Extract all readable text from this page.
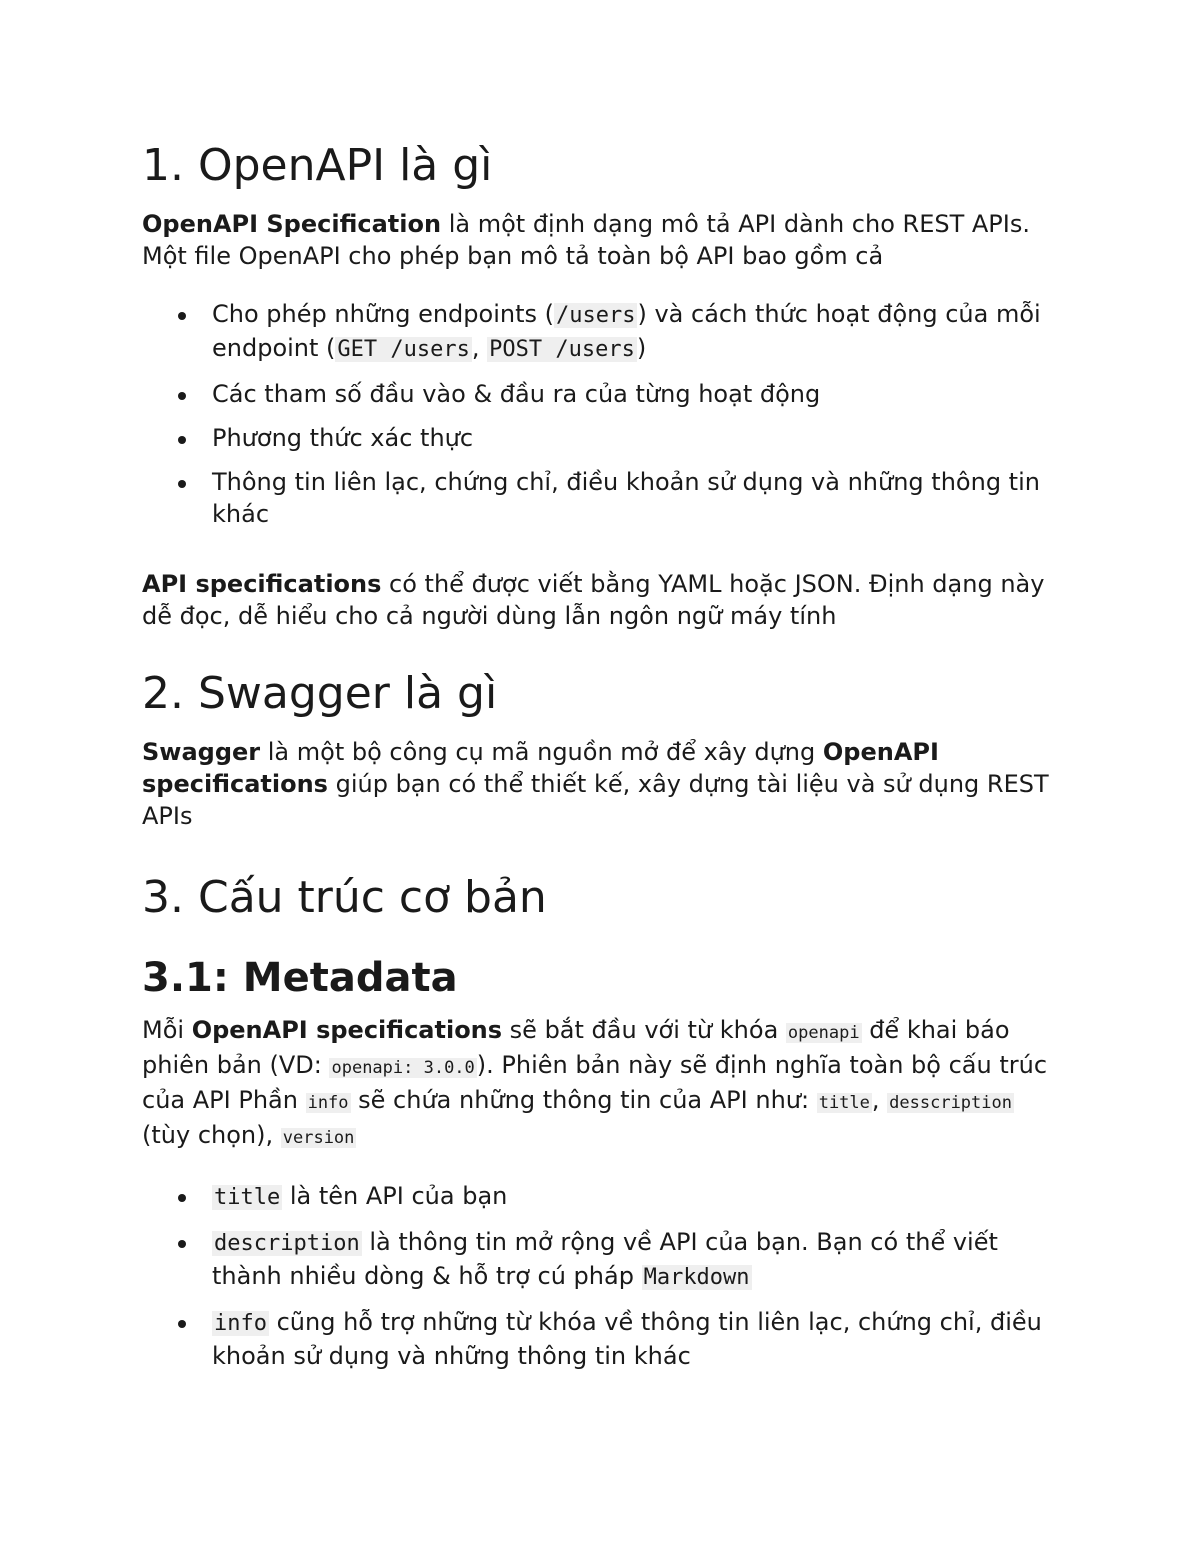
1. OpenAPI là gì

OpenAPI Specification là một định dạng mô tả API dành cho REST APIs. Một file OpenAPI cho phép bạn mô tả toàn bộ API bao gồm cả

Cho phép những endpoints (/users) và cách thức hoạt động của mỗi endpoint (GET /users, POST /users)
Các tham số đầu vào & đầu ra của từng hoạt động
Phương thức xác thực
Thông tin liên lạc, chứng chỉ, điều khoản sử dụng và những thông tin khác

API specifications có thể được viết bằng YAML hoặc JSON. Định dạng này dễ đọc, dễ hiểu cho cả người dùng lẫn ngôn ngữ máy tính

2. Swagger là gì

Swagger là một bộ công cụ mã nguồn mở để xây dựng OpenAPI specifications giúp bạn có thể thiết kế, xây dựng tài liệu và sử dụng REST APIs

3. Cấu trúc cơ bản
3.1: Metadata

Mỗi OpenAPI specifications sẽ bắt đầu với từ khóa openapi để khai báo phiên bản (VD: openapi: 3.0.0). Phiên bản này sẽ định nghĩa toàn bộ cấu trúc của API Phần info sẽ chứa những thông tin của API như: title, desscription (tùy chọn), version

title là tên API của bạn
description là thông tin mở rộng về API của bạn. Bạn có thể viết thành nhiều dòng & hỗ trợ cú pháp Markdown
info cũng hỗ trợ những từ khóa về thông tin liên lạc, chứng chỉ, điều khoản sử dụng và những thông tin khác
